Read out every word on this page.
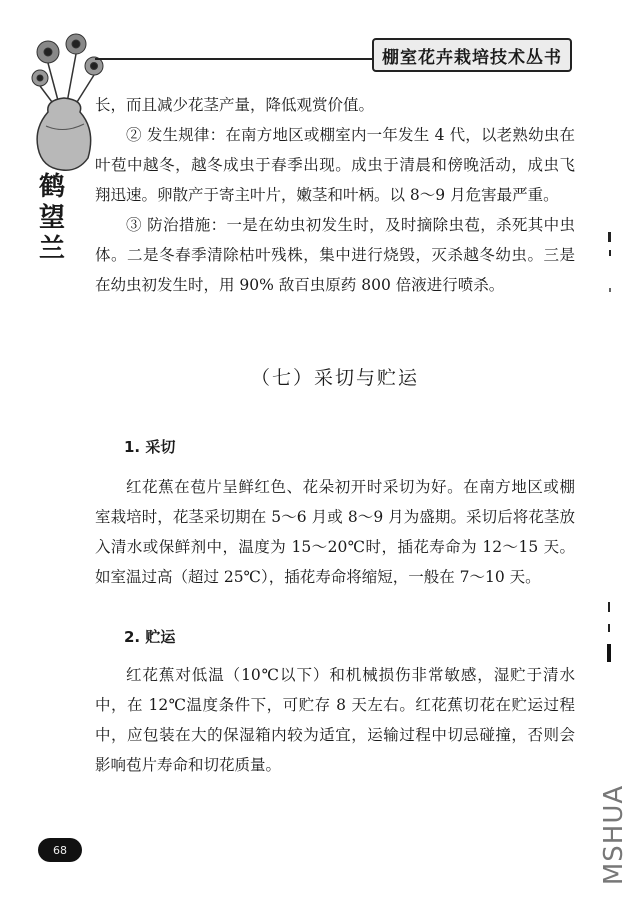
棚室花卉栽培技术丛书
鹤
望
兰

长，而且减少花茎产量，降低观赏价值。

② 发生规律：在南方地区或棚室内一年发生 4 代，以老熟幼虫在叶苞中越冬，越冬成虫于春季出现。成虫于清晨和傍晚活动，成虫飞翔迅速。卵散产于寄主叶片，嫩茎和叶柄。以 8～9 月危害最严重。

③ 防治措施：一是在幼虫初发生时，及时摘除虫苞，杀死其中虫体。二是冬春季清除枯叶残株，集中进行烧毁，灭杀越冬幼虫。三是在幼虫初发生时，用 90% 敌百虫原药 800 倍液进行喷杀。

（七）采切与贮运
1. 采切

红花蕉在苞片呈鲜红色、花朵初开时采切为好。在南方地区或棚室栽培时，花茎采切期在 5～6 月或 8～9 月为盛期。采切后将花茎放入清水或保鲜剂中，温度为 15～20℃时，插花寿命为 12～15 天。如室温过高（超过 25℃），插花寿命将缩短，一般在 7～10 天。

2. 贮运

红花蕉对低温（10℃以下）和机械损伤非常敏感，湿贮于清水中，在 12℃温度条件下，可贮存 8 天左右。红花蕉切花在贮运过程中，应包装在大的保湿箱内较为适宜，运输过程中切忌碰撞，否则会影响苞片寿命和切花质量。

68	MSHUA
